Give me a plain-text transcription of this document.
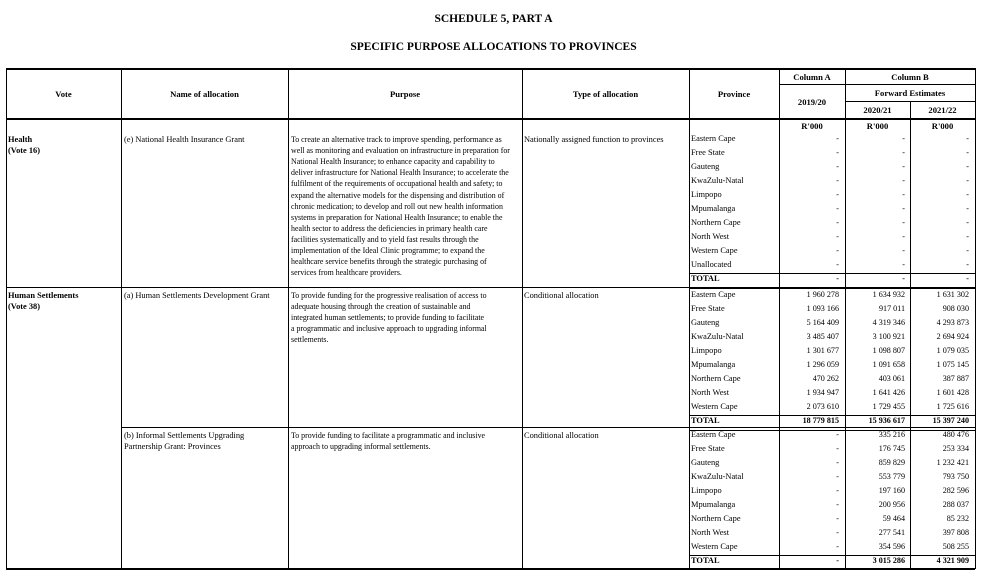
SCHEDULE 5, PART A
SPECIFIC PURPOSE ALLOCATIONS TO PROVINCES
Vote	Name of allocation	Purpose	Type of allocation	Province
Column A	Column B
Forward Estimates
2019/20
2020/21	2021/22
R'000	R'000	R'000
Health
(Vote 16)
(e) National Health Insurance Grant	To create an alternative track to improve spending, performance as
well as monitoring and evaluation on infrastructure in preparation for
National Health Insurance; to enhance capacity and capability to
deliver infrastructure for National Health Insurance; to accelerate the
fulfilment of the requirements of occupational health and safety; to
expand the alternative models for the dispensing and distribution of
chronic medication; to develop and roll out new health information
systems in preparation for National Health Insurance; to enable the
health sector to address the deficiencies in primary health care
facilities systematically and to yield fast results through the
implementation of the Ideal Clinic programme; to expand the
healthcare service benefits through the strategic purchasing of
services from healthcare providers.
Nationally assigned function to provinces	Eastern Cape	-	-	-
Free State	-	-	-
Gauteng	-	-	-
KwaZulu-Natal	-	-	-
Limpopo	-	-	-
Mpumalanga	-	-	-
Northern Cape	-	-	-
North West	-	-	-
Western Cape	-	-	-
Unallocated	-	-	-
TOTAL	-	-	-
Human Settlements
(Vote 38)
(a) Human Settlements Development Grant	To provide funding for the progressive realisation of access to
adequate housing through the creation of sustainable and
integrated human settlements; to provide funding to facilitate
a programmatic and inclusive approach to upgrading informal
settlements.
Conditional allocation	Eastern Cape	1 960 278	1 634 932	1 631 302
Free State	1 093 166	917 011	908 030
Gauteng	5 164 409	4 319 346	4 293 873
KwaZulu-Natal	3 485 407	3 100 921	2 694 924
Limpopo	1 301 677	1 098 807	1 079 035
Mpumalanga	1 296 059	1 091 658	1 075 145
Northern Cape	470 262	403 061	387 887
North West	1 934 947	1 641 426	1 601 428
Western Cape	2 073 610	1 729 455	1 725 616
TOTAL	18 779 815	15 936 617	15 397 240
(b) Informal Settlements Upgrading
Partnership Grant: Provinces
To provide funding to facilitate a programmatic and inclusive
approach to upgrading informal settlements.
Conditional allocation	Eastern Cape	-	335 216	480 476
Free State	-	176 745	253 334
Gauteng	-	859 829	1 232 421
KwaZulu-Natal	-	553 779	793 750
Limpopo	-	197 160	282 596
Mpumalanga	-	200 956	288 037
Northern Cape	-	59 464	85 232
North West	-	277 541	397 808
Western Cape	-	354 596	508 255
TOTAL	-	3 015 286	4 321 909
